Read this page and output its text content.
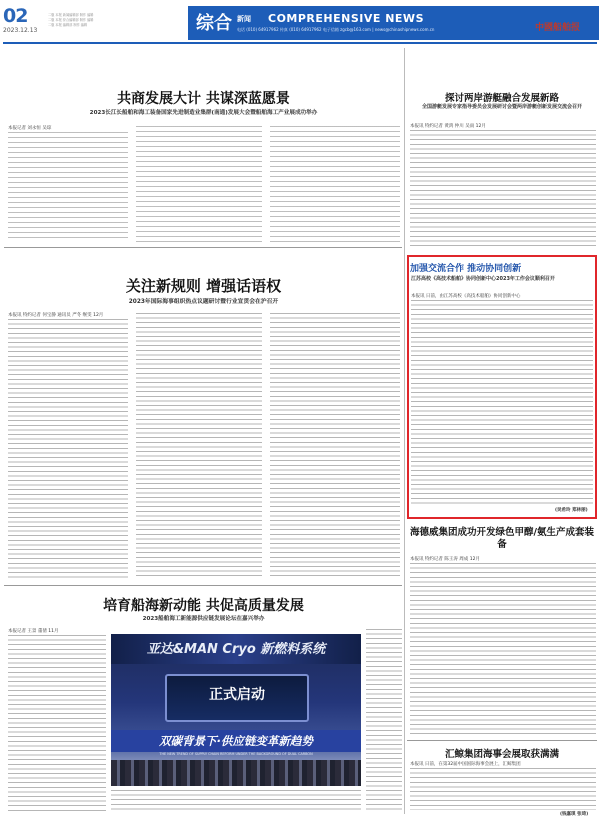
02
2023.12.13
二版 本报 新闻编辑部 制作 编辑
二版 本报 综合编辑部 制作 编辑
二版 本报 编辑部 制作 编辑	综合 新闻 COMPREHENSIVE NEWS
电话 (010) 64917962 传真 (010) 64917962 电子信箱 zgcb@163.com | news@chinashipnews.com.cn	中國船舶报
共商发展大计 共谋深蓝愿景
2023长江长船舶和海工装备国家先进制造业集群(南通)发展大会暨船舶海工产业展成功举办
本报记者 刘永恒 吴琼
关注新规则 增强话语权
2023年国际海事组织热点议题研讨暨行业宣贯会在沪召开
本报讯 特约记者 何宝静 通讯员 严冬 缑雯 12月
培育船海新动能 共促高质量发展
2023船舶海工新能源供应链发展论坛在嘉兴举办
本报记者 王景 董倩 11月
亚达&MAN Cryo 新燃料系统
正式启动
双碳背景下·供应链变革新趋势
THE NEW TREND OF SUPPLY CHAIN REFORM UNDER THE BACKGROUND OF DUAL CARBON
探讨两岸游艇融合发展新路
全国游艇发展专家指导委员会发展研讨会暨两岸游艇创新发展交流会召开
本报讯 特约记者 黄鸿 仲川 吴雨 12月
加强交流合作 推动协同创新
江苏高校《高技术船舶》协同创新中心2023年工作会议顺利召开
本报讯 日前，由江苏高校《高技术船舶》协同创新中心
(吴希玲 郑林丽)
海德威集团成功开发绿色甲醇/氨生产成套装备
本报讯 特约记者 陈王涛 周成 12月
汇鲸集团海事会展取获满满
本报讯 日前，在第32届中国国际海事会展上，汇鲸集团
(钱嘉琪 张琦)
